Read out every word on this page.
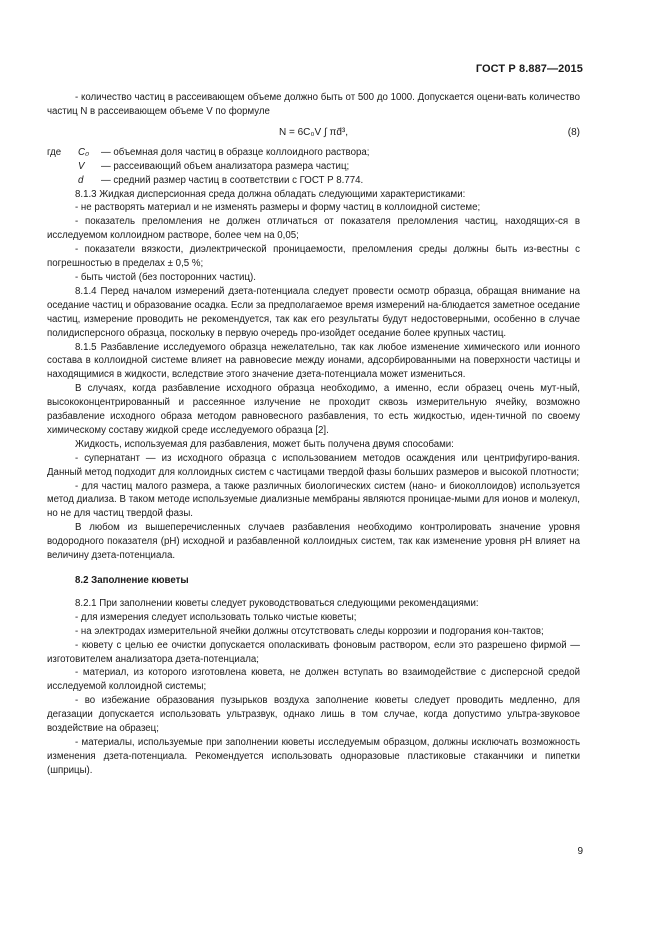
ГОСТ Р 8.887—2015

- количество частиц в рассеивающем объеме должно быть от 500 до 1000. Допускается оцени-вать количество частиц N в рассеивающем объеме V по формуле

N = 6C₀V ∫ πd̄³,	(8)
где	C₀	— объемная доля частиц в образце коллоидного раствора;
V	— рассеивающий объем анализатора размера частиц;
d	— средний размер частиц в соответствии с ГОСТ Р 8.774.

8.1.3 Жидкая дисперсионная среда должна обладать следующими характеристиками:

- не растворять материал и не изменять размеры и форму частиц в коллоидной системе;

- показатель преломления не должен отличаться от показателя преломления частиц, находящих-ся в исследуемом коллоидном растворе, более чем на 0,05;

- показатели вязкости, диэлектрической проницаемости, преломления среды должны быть из-вестны с погрешностью в пределах ± 0,5 %;

- быть чистой (без посторонних частиц).

8.1.4 Перед началом измерений дзета-потенциала следует провести осмотр образца, обращая внимание на оседание частиц и образование осадка. Если за предполагаемое время измерений на-блюдается заметное оседание частиц, измерение проводить не рекомендуется, так как его результаты будут недостоверными, особенно в случае полидисперсного образца, поскольку в первую очередь про-изойдет оседание более крупных частиц.

8.1.5 Разбавление исследуемого образца нежелательно, так как любое изменение химического или ионного состава в коллоидной системе влияет на равновесие между ионами, адсорбированными на поверхности частицы и находящимися в жидкости, вследствие этого значение дзета-потенциала может измениться.

В случаях, когда разбавление исходного образца необходимо, а именно, если образец очень мут-ный, высококонцентрированный и рассеянное излучение не проходит сквозь измерительную ячейку, возможно разбавление исходного образа методом равновесного разбавления, то есть жидкостью, иден-тичной по своему химическому составу жидкой среде исследуемого образца [2].

Жидкость, используемая для разбавления, может быть получена двумя способами:

- супернатант — из исходного образца с использованием методов осаждения или центрифугиро-вания. Данный метод подходит для коллоидных систем с частицами твердой фазы больших размеров и высокой плотности;

- для частиц малого размера, а также различных биологических систем (нано- и биоколлоидов) используется метод диализа. В таком методе используемые диализные мембраны являются проницае-мыми для ионов и молекул, но не для частиц твердой фазы.

В любом из вышеперечисленных случаев разбавления необходимо контролировать значение уровня водородного показателя (pH) исходной и разбавленной коллоидных систем, так как изменение уровня pH влияет на величину дзета-потенциала.

8.2 Заполнение кюветы

8.2.1 При заполнении кюветы следует руководствоваться следующими рекомендациями:

- для измерения следует использовать только чистые кюветы;

- на электродах измерительной ячейки должны отсутствовать следы коррозии и подгорания кон-тактов;

- кювету с целью ее очистки допускается ополаскивать фоновым раствором, если это разрешено фирмой — изготовителем анализатора дзета-потенциала;

- материал, из которого изготовлена кювета, не должен вступать во взаимодействие с дисперсной средой исследуемой коллоидной системы;

- во избежание образования пузырьков воздуха заполнение кюветы следует проводить медленно, для дегазации допускается использовать ультразвук, однако лишь в том случае, когда допустимо ультра-звуковое воздействие на образец;

- материалы, используемые при заполнении кюветы исследуемым образцом, должны исключать возможность изменения дзета-потенциала. Рекомендуется использовать одноразовые пластиковые стаканчики и пипетки (шприцы).

9
